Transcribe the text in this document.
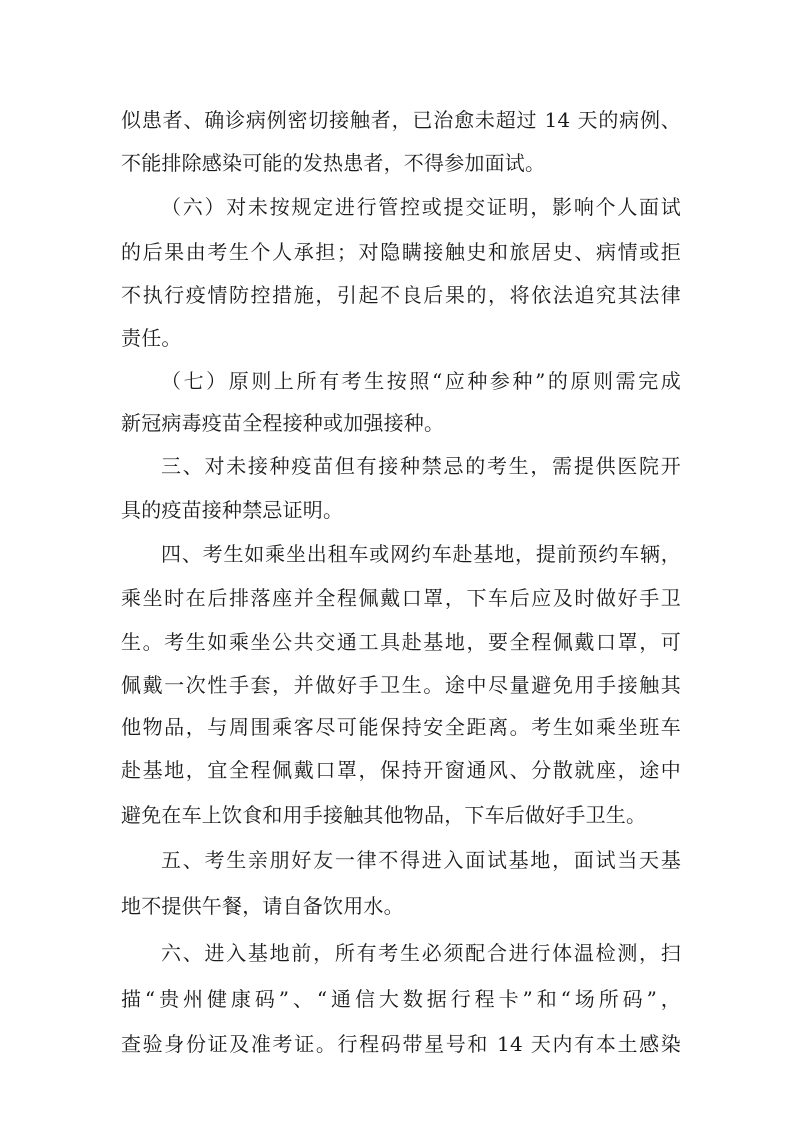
似患者、确诊病例密切接触者，已治愈未超过 14 天的病例、
不能排除感染可能的发热患者，不得参加面试。
（六）对未按规定进行管控或提交证明，影响个人面试
的后果由考生个人承担；对隐瞒接触史和旅居史、病情或拒
不执行疫情防控措施，引起不良后果的，将依法追究其法律
责任。
（七）原则上所有考生按照“应种参种”的原则需完成
新冠病毒疫苗全程接种或加强接种。
三、对未接种疫苗但有接种禁忌的考生，需提供医院开
具的疫苗接种禁忌证明。
四、考生如乘坐出租车或网约车赴基地，提前预约车辆，
乘坐时在后排落座并全程佩戴口罩，下车后应及时做好手卫
生。考生如乘坐公共交通工具赴基地，要全程佩戴口罩，可
佩戴一次性手套，并做好手卫生。途中尽量避免用手接触其
他物品，与周围乘客尽可能保持安全距离。考生如乘坐班车
赴基地，宜全程佩戴口罩，保持开窗通风、分散就座，途中
避免在车上饮食和用手接触其他物品，下车后做好手卫生。
五、考生亲朋好友一律不得进入面试基地，面试当天基
地不提供午餐，请自备饮用水。
六、进入基地前，所有考生必须配合进行体温检测，扫
描“贵州健康码”、“通信大数据行程卡”和“场所码”，
查验身份证及准考证。行程码带星号和 14 天内有本土感染
